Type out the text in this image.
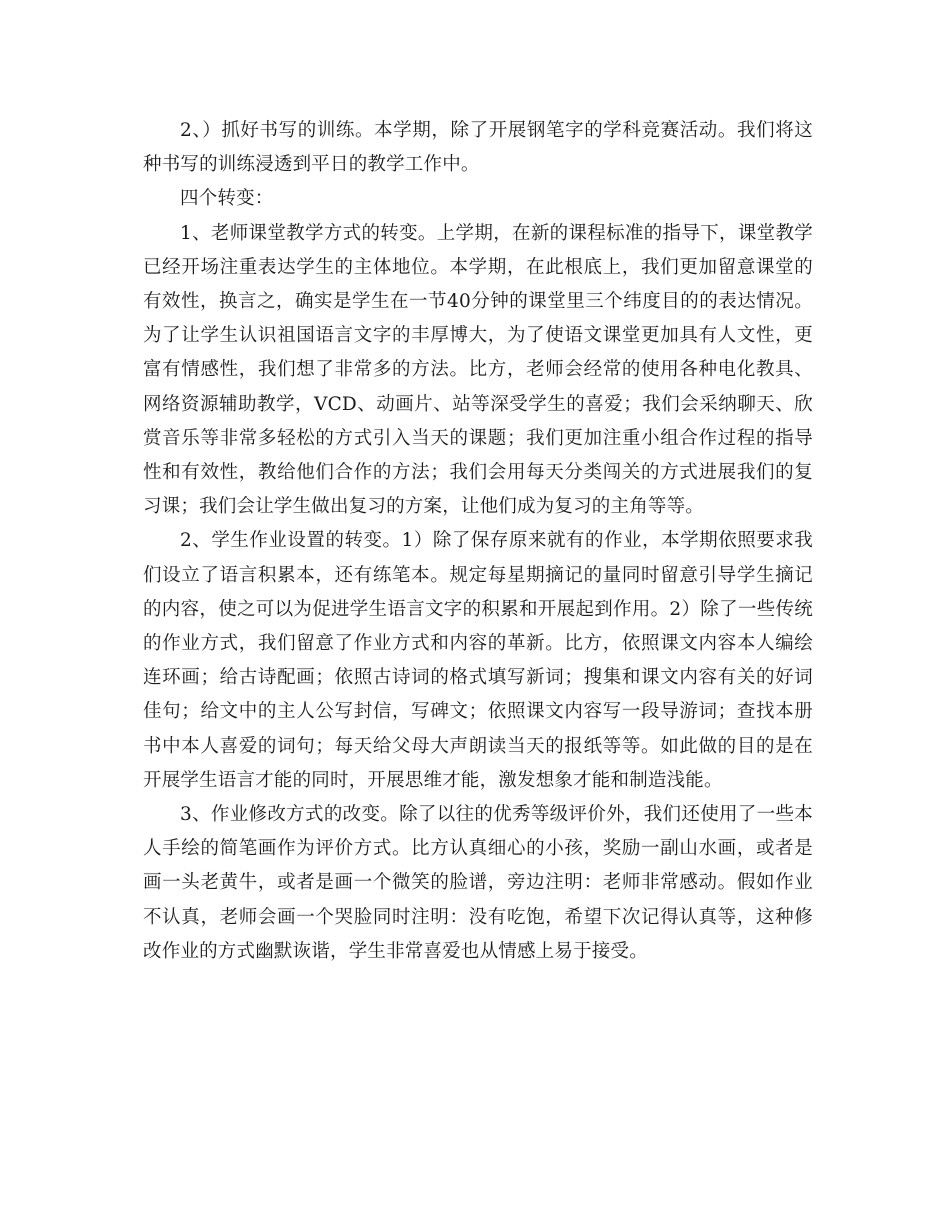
2、）抓好书写的训练。本学期，除了开展钢笔字的学科竞赛活动。我们将这种书写的训练浸透到平日的教学工作中。

四个转变：

1、老师课堂教学方式的转变。上学期，在新的课程标准的指导下，课堂教学已经开场注重表达学生的主体地位。本学期，在此根底上，我们更加留意课堂的有效性，换言之，确实是学生在一节40分钟的课堂里三个纬度目的的表达情况。为了让学生认识祖国语言文字的丰厚博大，为了使语文课堂更加具有人文性，更富有情感性，我们想了非常多的方法。比方，老师会经常的使用各种电化教具、网络资源辅助教学，VCD、动画片、站等深受学生的喜爱；我们会采纳聊天、欣赏音乐等非常多轻松的方式引入当天的课题；我们更加注重小组合作过程的指导性和有效性，教给他们合作的方法；我们会用每天分类闯关的方式进展我们的复习课；我们会让学生做出复习的方案，让他们成为复习的主角等等。

2、学生作业设置的转变。1）除了保存原来就有的作业，本学期依照要求我们设立了语言积累本，还有练笔本。规定每星期摘记的量同时留意引导学生摘记的内容，使之可以为促进学生语言文字的积累和开展起到作用。2）除了一些传统的作业方式，我们留意了作业方式和内容的革新。比方，依照课文内容本人编绘连环画；给古诗配画；依照古诗词的格式填写新词；搜集和课文内容有关的好词佳句；给文中的主人公写封信，写碑文；依照课文内容写一段导游词；查找本册书中本人喜爱的词句；每天给父母大声朗读当天的报纸等等。如此做的目的是在开展学生语言才能的同时，开展思维才能，激发想象才能和制造浅能。

3、作业修改方式的改变。除了以往的优秀等级评价外，我们还使用了一些本人手绘的简笔画作为评价方式。比方认真细心的小孩，奖励一副山水画，或者是画一头老黄牛，或者是画一个微笑的脸谱，旁边注明：老师非常感动。假如作业不认真，老师会画一个哭脸同时注明：没有吃饱，希望下次记得认真等，这种修改作业的方式幽默诙谐，学生非常喜爱也从情感上易于接受。
